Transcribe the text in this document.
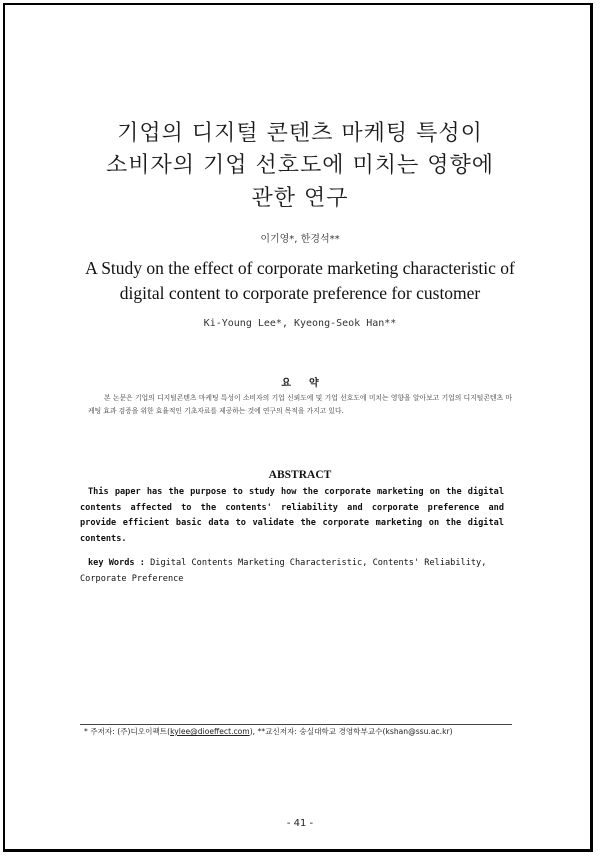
기업의 디지털 콘텐츠 마케팅 특성이
소비자의 기업 선호도에 미치는 영향에
관한 연구
이기영*, 한경석**
A Study on the effect of corporate marketing characteristic of
digital content to corporate preference for customer
Ki-Young Lee*, Kyeong-Seok Han**
요약
본 논문은 기업의 디지털콘텐츠 마케팅 특성이 소비자의 기업 신뢰도에 및 기업 선호도에 미치는 영향을 알아보고 기업의 디지털콘텐츠 마케팅 효과 검증을 위한 효율적인 기초자료를 제공하는 것에 연구의 목적을 가지고 있다.
ABSTRACT
This paper has the purpose to study how the corporate marketing on the digital contents affected to the contents' reliability and corporate preference and provide efficient basic data to validate the corporate marketing on the digital contents.
key Words : Digital Contents Marketing Characteristic, Contents' Reliability, Corporate Preference
* 주저자: (주)디오이펙트(kylee@dioeffect.com), **교신저자: 숭실대학교 경영학부교수(kshan@ssu.ac.kr)
- 41 -
